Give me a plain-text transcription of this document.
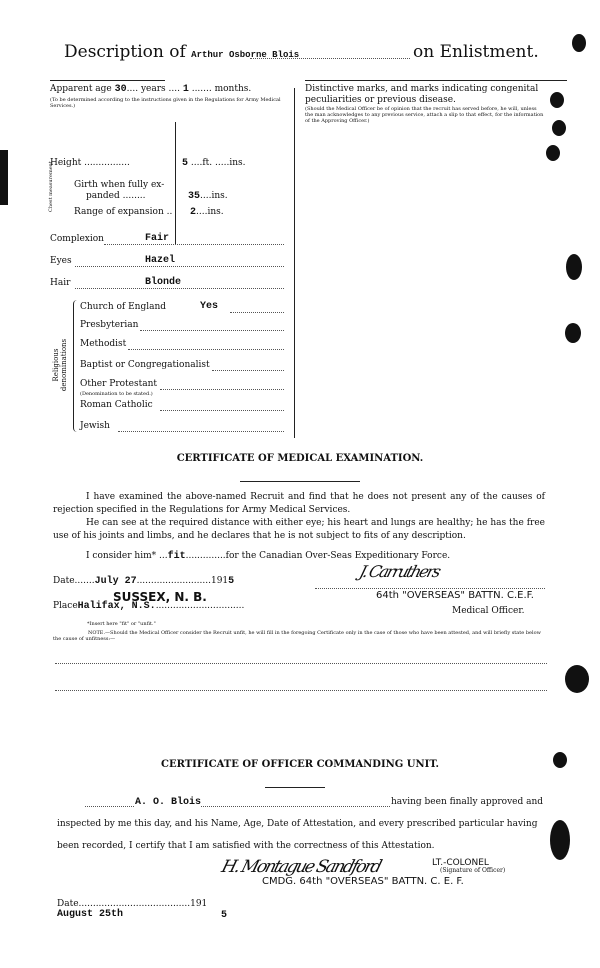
Description of Arthur Osborne Blois	on Enlistment.
Apparent age 30.... years .... 1 ....... months.
(To be determined according to the instructions given in the Regulations for Army Medical Services.)
Height ................	5 ....ft. .....ins.
Chest measurement Girth when fully ex-
panded ........	35....ins.
Range of expansion .. 2....ins.
Complexion	Fair
Eyes	Hazel
Hair	Blonde
Religious denominations
Church of England	Yes
Presbyterian
Methodist
Baptist or Congregationalist
Other Protestant
(Denomination to be stated.)
Roman Catholic
Jewish
Distinctive marks, and marks indicating congenital peculiarities or previous disease.
(Should the Medical Officer be of opinion that the recruit has served before, he will, unless the man acknowledges to any previous service, attach a slip to that effect, for the information of the Approving Officer.)
CERTIFICATE OF MEDICAL EXAMINATION.
I have examined the above-named Recruit and find that he does not present any of the causes of rejection specified in the Regulations for Army Medical Services.
He can see at the required distance with either eye; his heart and lungs are healthy; he has the free use of his joints and limbs, and he declares that he is not subject to fits of any description.
I consider him* ...fit..............for the Canadian Over-Seas Expeditionary Force.
Date.......July 27..........................1915
SUSSEX, N. B.
PlaceHalifax, N.S................................
J. Carruthers
64th "OVERSEAS" BATTN. C.E.F.
Medical Officer.
*Insert here "fit" or "unfit."
NOTE.—Should the Medical Officer consider the Recruit unfit, he will fill in the foregoing Certificate only in the case of those who have been attested, and will briefly state below the cause of unfitness:—
CERTIFICATE OF OFFICER COMMANDING UNIT.
A. O. Blois	having been finally approved and
inspected by me this day, and his Name, Age, Date of Attestation, and every prescribed particular having
been recorded, I certify that I am satisfied with the correctness of this Attestation.
H. Montague Sandford	LT.-COLONEL
(Signature of Officer)
CMDG. 64th "OVERSEAS" BATTN. C. E. F.
Date.......................................191
August 25th	5
